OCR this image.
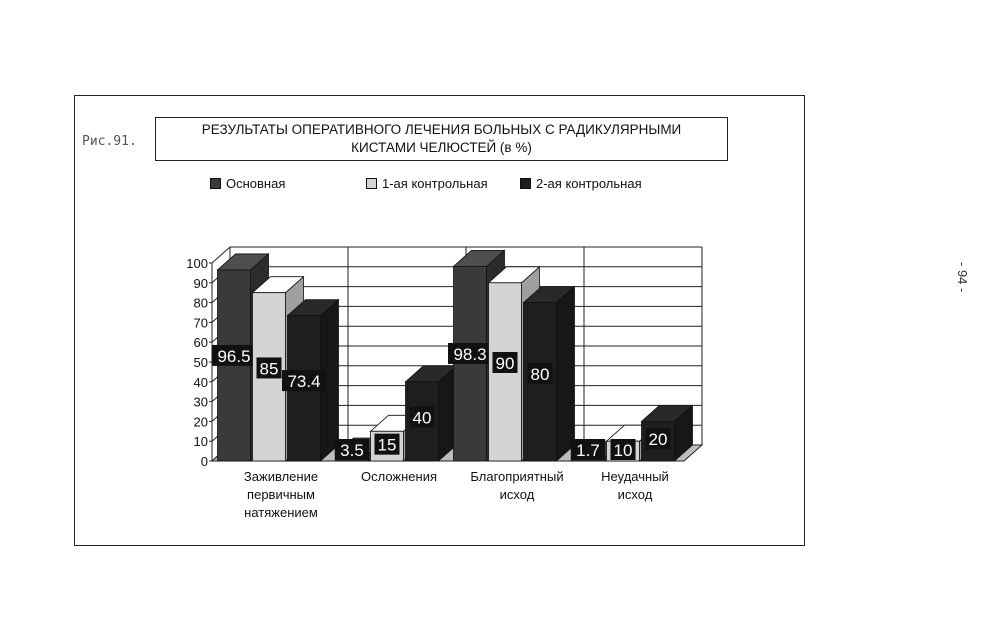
Рис.91.
РЕЗУЛЬТАТЫ ОПЕРАТИВНОГО ЛЕЧЕНИЯ БОЛЬНЫХ С РАДИКУЛЯРНЫМИ
КИСТАМИ ЧЕЛЮСТЕЙ (в %)
Основная	1-ая контрольная	2-ая контрольная
- 94 -
0
10
20
30
40
50
60
70
80
90
100
Заживление
первичным
натяжением
Осложнения	Благоприятный
исход
Неудачный
исход
96.5
85
73.4
3.5 15
40
98.3 90
80
1.7 10
20
